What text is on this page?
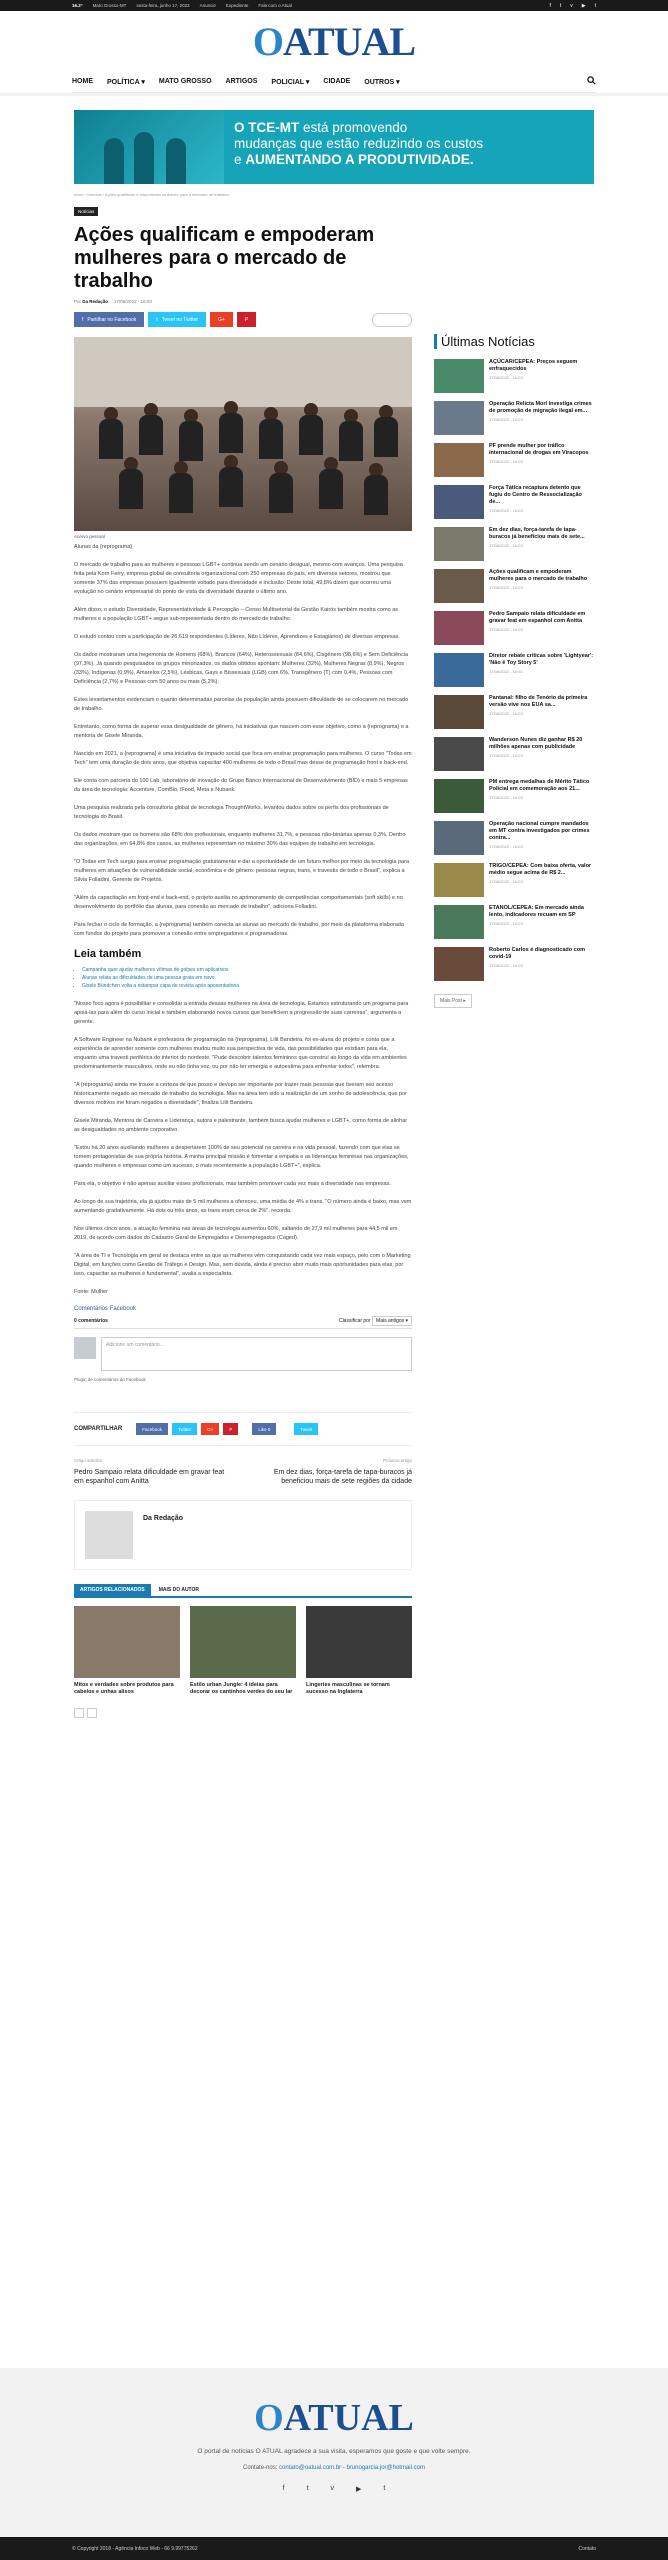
16.2° Mato Grosso-MT sexta-feira, junho 17, 2022 Anuncie Expediente Fale com o Atual	f t v ▶ t
OATUAL
HOME POLÍTICA ▾ MATO GROSSO ARTIGOS POLICIAL ▾ CIDADE OUTROS ▾
O TCE-MT está promovendo
mudanças que estão reduzindo os custos
e AUMENTANDO A PRODUTIVIDADE.
Início › Notícias › Ações qualificam e empoderam mulheres para o mercado de trabalho
Notícias
Ações qualificam e empoderam mulheres para o mercado de trabalho
Por Da Redação 17/06/2022 - 16:03
f Partilhar no Facebook	t Tweet no Twitter	G+	P
Acervo pessoal

Alunas da {reprograma}

O mercado de trabalho para as mulheres e pessoas LGBT+ continua sendo um cenário desigual, mesmo com avanços. Uma pesquisa feita pela Korn Ferry, empresa global de consultoria organizacional com 250 empresas do país, em diversos setores, mostrou que somente 37% das empresas possuem igualmente voltado para diversidade e inclusão. Deste total, 49,8% dizem que ocorreu uma evolução no cenário empresarial do ponto de vista da diversidade durante o último ano.

Além disso, o estudo Diversidade, Representatividade & Percepção – Censo Multisetorial da Gestão Kairós também mostra como as mulheres e a população LGBT+ segue sub-representada dentro do mercado de trabalho.

O estudo contou com a participação de 26.619 respondentes (Líderes, Não Líderes, Aprendizes e Estagiários) de diversas empresas.

Os dados mostraram uma hegemonia de Homens (68%), Brancos (64%), Heterossexuais (84,6%), Cisgênero (98,6%) e Sem Deficiência (97,3%). Já quando pesquisados os grupos minorizados, os dados obtidos apontam: Mulheres (32%), Mulheres Negras (8,9%), Negros (33%), Indígenas (0,9%), Amarelos (2,5%), Lésbicas, Gays e Bissexuais (LGB) com 6%, Transgênero (T) com 0,4%, Pessoas com Deficiência (2,7%) e Pessoas com 50 anos ou mais (5,2%).

Estes levantamentos evidenciam o quanto determinadas parcelas da população ainda possuem dificuldade de se colocarem no mercado de trabalho.

Entretanto, como forma de superar essa desigualdade de gênero, há iniciativas que nascem com esse objetivo, como a {reprograma} e a mentoria de Gisele Miranda.

Nascido em 2021, a {reprograma} é uma iniciativa de impacto social que foca em ensinar programação para mulheres. O curso "Todas em Tech" tem uma duração de dois anos, que objetiva capacitar 400 mulheres de todo o Brasil mas desse de programação front e back-end.

Ele conta com parceria do 100 Lab, laboratório de inovação do Grupo Banco Internacional de Desenvolvimento (BID) e mais 5 empresas da área de tecnologia: Accenture, ComBio, iFood, Meta e Nubank.

Uma pesquisa realizada pela consultoria global de tecnologia ThoughtWorks, levantou dados sobre os perfis dos profissionais de tecnologia do Brasil.

Os dados mostram que os homens são 68% dos profissionais, enquanto mulheres 31,7%, e pessoas não-binárias apenas 0,3%. Dentro das organizações, em 64,8% dos casos, as mulheres representam no máximo 30% das equipes de trabalho em tecnologia.

"O Todas em Tech surgiu para ensinar programação gratuitamente e dar a oportunidade de um futuro melhor por meio da tecnologia para mulheres em situações de vulnerabilidade social, econômica e de gênero: pessoas negras, trans, e travestis de todo o Brasil", explica a Silvia Folladini, Gerente de Projetos.

"Além da capacitação em front-end e back-end, o projeto auxilia no aprimoramento de competências comportamentais (soft skills) e no desenvolvimento do portfólio das alunas, para conexão ao mercado de trabalho", adiciona Folladini.

Para fechar o ciclo de formação, a {reprograma} também conecta as alunas ao mercado de trabalho, por meio da plataforma elaborada com fundos do projeto para promover a conexão entre empregadores e programadoras.

Leia também
• Campanha quer ajudar mulheres vítimas de golpes em aplicativos
• Alunas relata as dificuldades de uma pessoa grata em novo
• Gisele Bündchen volta a estampar capa de revista após aposentadoria

"Nosso foco agora é possibilitar e consolidar a entrada dessas mulheres na área de tecnologia. Estamos estruturando um programa para apoiá-las para além do curso inicial e também elaborando novos cursos que beneficiem a progressão de suas carreiras", argumenta a gerente.

A Software Engineer na Nubank e professora de programação na {reprograma}, Lilit Bandeira, foi ex-aluna do projeto e conta que a experiência de aprender somente com mulheres mudou muito sua perspectiva de vida, das possibilidades que existiam para ela, enquanto uma travesti periférica do interior do nordeste. "Pude descobrir talentos femininos que construí ao longo da vida em ambientes predominantemente masculinos, onde eu não tinha voz, ou por não ter emergia e autoestima para enfrentar todos", relembra.

"A {reprograma} ainda me trouxe a certeza de que posso e devopo ser importante por trazer mais pessoas que tiveram seu acesso historicamente negado ao mercado de trabalho da tecnologia. Mas na área tem sido a realização de um sonho de adolescência, que por diversos motivos me foram negados a diversidade", finaliza Lilit Bandeira.

Gisele Miranda, Mentora de Carreira e Liderança, autora e palestrante, também busca ajudar mulheres e LGBT+, como forma de alinhar as desigualdades no ambiente corporativo.

"Estou há 20 anos auxiliando mulheres a despertarem 100% de seu potencial na carreira e na vida pessoal, fazendo com que elas se tornem protagonistas de sua própria história. A minha principal missão é fomentar a empatia e as lideranças femininas nas organizações, quando mulheres e empresas como um sucesso, o mais recentemente a população LGBT+", explica.

Para ela, o objetivo é não apenas auxiliar esses profissionais, mas também promover cada vez mais a diversidade nas empresas.

Ao longo de sua trajetória, ela já ajudou mais de 5 mil mulheres a ofereceu, uma média de 4% e trans. "O número ainda é baixo, mas vem aumentando gradativamente. Há dois ou três anos, as trans eram cerca de 2%", recorda.

Nos últimos cinco anos, a atuação feminina nas áreas de tecnologia aumentou 60%, saltando de 27,9 mil mulheres para 44,5 mil em 2019, de acordo com dados do Cadastro Geral de Empregados e Desempregados (Caged).

"A área de TI e Tecnologia em geral se destaca entre as que as mulheres vêm conquistando cada vez mais espaço, pelo com o Marketing Digital, em funções como Gestão de Tráfego e Design. Mas, sem dúvida, ainda é preciso abrir muito mais oportunidades para elas, por isso, capacitar as mulheres é fundamental", avalia a especialista.

Fonte: Mulher

Comentários Facebook
0 comentários	Classificar por Mais antigos ▾
Adicione um comentário...
Plugin de comentários do Facebook
COMPARTILHAR	Facebook	Twitter	G+	P	Like 0	Tweet
Artigo anterior
Pedro Sampaio relata dificuldade em gravar feat em espanhol com Anitta
Próximo artigo
Em dez dias, força-tarefa de tapa-buracos já beneficiou mais de sete regiões da cidade
Da Redação
ARTIGOS RELACIONADOS	MAIS DO AUTOR
Mitos e verdades sobre produtos para cabelos e unhas alisos
Estilo urban Jungle: 4 ideias para decorar os cantinhos verdes do seu lar
Lingeries masculinas se tornam sucesso na Inglaterra
Últimas Notícias
AÇÚCAR/CEPEA: Preços seguem enfraquecidos
17/06/2022 - 16:03
Operação Relicta Mori investiga crimes de promoção de migração ilegal em...
17/06/2022 - 16:03
PF prende mulher por tráfico internacional de drogas em Viracopos
17/06/2022 - 16:03
Força Tática recaptura detento que fugiu do Centro de Ressocialização de...
17/06/2022 - 16:03
Em dez dias, força-tarefa de tapa-buracos já beneficiou mais de sete...
17/06/2022 - 16:03
Ações qualificam e empoderam mulheres para o mercado de trabalho
17/06/2022 - 16:03
Pedro Sampaio relata dificuldade em gravar feat em espanhol com Anitta
17/06/2022 - 16:03
Diretor rebate críticas sobre 'Lightyear': 'Não é Toy Story 5'
17/06/2022 - 16:03
Pantanal: filho de Tenório da primeira versão vive nos EUA sa...
17/06/2022 - 16:03
Wanderson Nunes diz ganhar R$ 20 milhões apenas com publicidade
17/06/2022 - 16:03
PM entrega medalhas de Mérito Tático Policial em comemoração aos 21...
17/06/2022 - 16:03
Operação nacional cumpre mandados em MT contra investigados por crimes contra...
17/06/2022 - 16:03
TRIGO/CEPEA: Com baixa oferta, valor médio segue acima de R$ 2...
17/06/2022 - 16:03
ETANOL/CEPEA: Em mercado ainda lento, indicadores recuam em SP
17/06/2022 - 16:03
Roberto Carlos é diagnosticado com covid-19
17/06/2022 - 16:03
Mais Post ▸
OATUAL
O portal de notícias O ATUAL agradece a sua visita, esperamos que goste e que volte sempre.
Contate-nos: contato@oatual.com.br - brunogarcia.jor@hotmail.com
f	t	v	▶	t
© Copyright 2018 - Agência Infoco Web - 66 9.99775262	Contato
